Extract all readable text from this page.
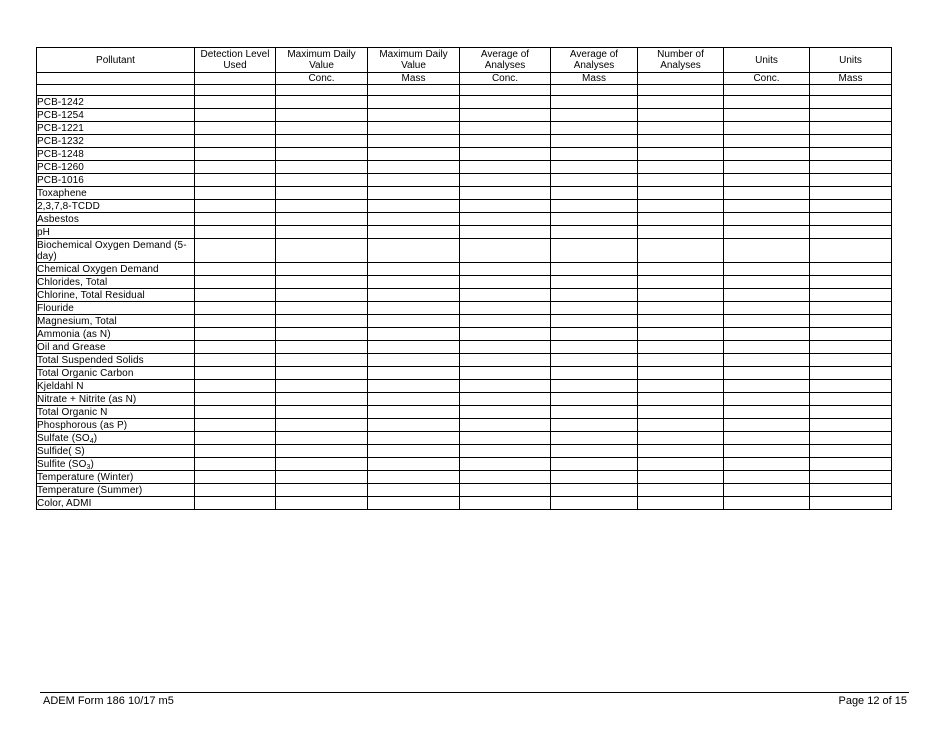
Pollutant	Detection Level Used	Maximum Daily Value	Maximum Daily Value	Average of Analyses	Average of Analyses	Number of Analyses	Units	Units
		Conc.	Mass	Conc.	Mass		Conc.	Mass

PCB-1242								
PCB-1254								
PCB-1221								
PCB-1232								
PCB-1248								
PCB-1260								
PCB-1016								
Toxaphene								
2,3,7,8-TCDD								
Asbestos								
pH								
Biochemical Oxygen Demand (5-day)								
Chemical Oxygen Demand								
Chlorides, Total								
Chlorine, Total Residual								
Flouride								
Magnesium, Total								
Ammonia (as N)								
Oil and Grease								
Total Suspended Solids								
Total Organic Carbon								
Kjeldahl N								
Nitrate + Nitrite (as N)								
Total Organic N								
Phosphorous (as P)								
Sulfate $(SO_4)$								
Sulfide( S)								
Sulfite $(SO_3)$								
Temperature (Winter)								
Temperature (Summer)								
Color, ADMI								
ADEM Form 186 10/17 m5	Page 12 of 15
